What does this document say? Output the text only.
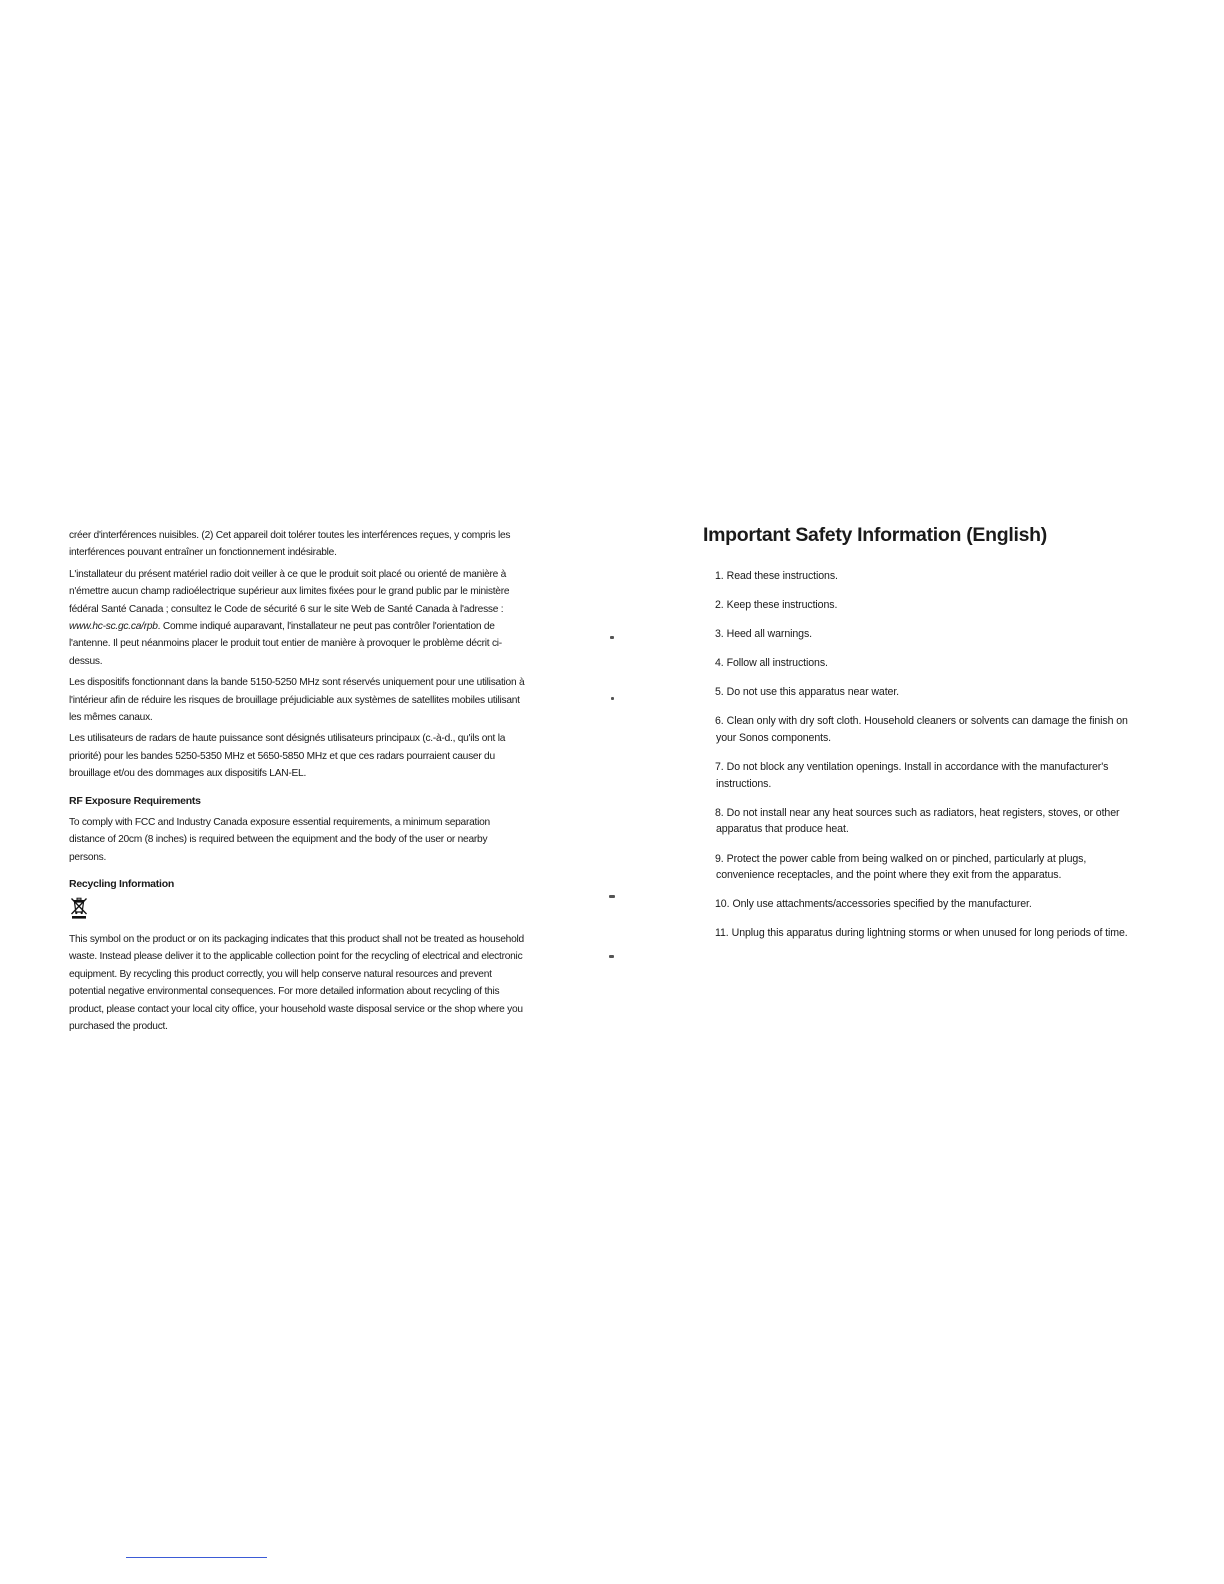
créer d'interférences nuisibles. (2) Cet appareil doit tolérer toutes les interférences reçues, y compris les interférences pouvant entraîner un fonctionnement indésirable.

L'installateur du présent matériel radio doit veiller à ce que le produit soit placé ou orienté de manière à n'émettre aucun champ radioélectrique supérieur aux limites fixées pour le grand public par le ministère fédéral Santé Canada ; consultez le Code de sécurité 6 sur le site Web de Santé Canada à l'adresse : www.hc-sc.gc.ca/rpb. Comme indiqué auparavant, l'installateur ne peut pas contrôler l'orientation de l'antenne. Il peut néanmoins placer le produit tout entier de manière à provoquer le problème décrit ci-dessus.

Les dispositifs fonctionnant dans la bande 5150-5250 MHz sont réservés uniquement pour une utilisation à l'intérieur afin de réduire les risques de brouillage préjudiciable aux systèmes de satellites mobiles utilisant les mêmes canaux.

Les utilisateurs de radars de haute puissance sont désignés utilisateurs principaux (c.-à-d., qu'ils ont la priorité) pour les bandes 5250-5350 MHz et 5650-5850 MHz et que ces radars pourraient causer du brouillage et/ou des dommages aux dispositifs LAN-EL.

RF Exposure Requirements

To comply with FCC and Industry Canada exposure essential requirements, a minimum separation distance of 20cm (8 inches) is required between the equipment and the body of the user or nearby persons.

Recycling Information

This symbol on the product or on its packaging indicates that this product shall not be treated as household waste. Instead please deliver it to the applicable collection point for the recycling of electrical and electronic equipment. By recycling this product correctly, you will help conserve natural resources and prevent potential negative environmental consequences. For more detailed information about recycling of this product, please contact your local city office, your household waste disposal service or the shop where you purchased the product.

Important Safety Information (English)
1. Read these instructions.
2. Keep these instructions.
3. Heed all warnings.
4. Follow all instructions.
5. Do not use this apparatus near water.
6. Clean only with dry soft cloth. Household cleaners or solvents can damage the finish on
your Sonos components.
7. Do not block any ventilation openings. Install in accordance with the manufacturer's
instructions.
8. Do not install near any heat sources such as radiators, heat registers, stoves, or other
apparatus that produce heat.
9. Protect the power cable from being walked on or pinched, particularly at plugs,
convenience receptacles, and the point where they exit from the apparatus.
10. Only use attachments/accessories specified by the manufacturer.
11. Unplug this apparatus during lightning storms or when unused for long periods of time.
